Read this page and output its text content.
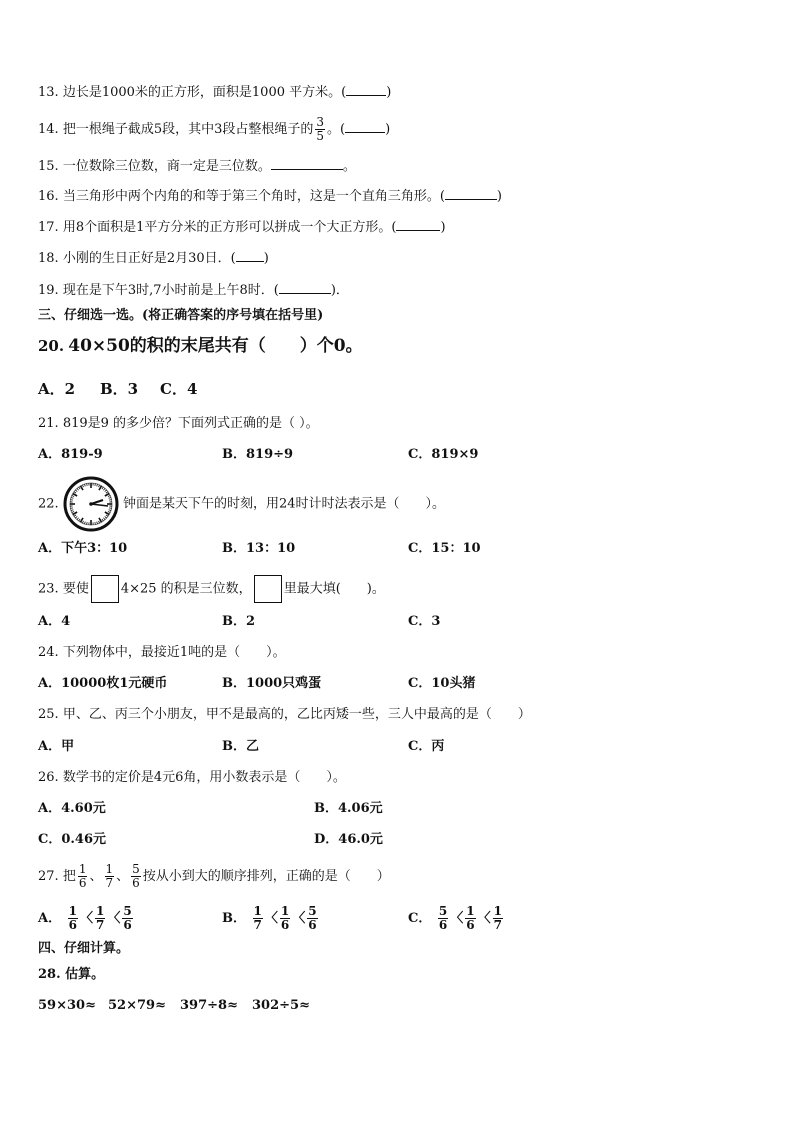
13. 边长是1000米的正方形，面积是1000 平方米。(	)
14. 把一根绳子截成5段，其中3段占整根绳子的 $\frac{3}{5}$ 。(	)
15. 一位数除三位数，商一定是三位数。	。
16. 当三角形中两个内角的和等于第三个角时，这是一个直角三角形。(	)
17. 用8个面积是1平方分米的正方形可以拼成一个大正方形。(	)
18. 小刚的生日正好是2月30日．( )
19. 现在是下午3时,7小时前是上午8时．(	)．
三、仔细选一选。(将正确答案的序号填在括号里)
20. 40×50的积的末尾共有（　　）个0。
A．2 B．3 C．4
21. 819是9 的多少倍？下面列式正确的是（ ）。
A．819-9	B．819÷9	C．819×9
22.	钟面是某天下午的时刻，用24时计时法表示是（　　）。
A．下午3：10	B．13：10	C．15：10
23. 要使 4×25 的积是三位数， 里最大填(　　)。
A．4	B．2	C．3
24. 下列物体中，最接近1吨的是（　　）。
A．10000枚1元硬币	B．1000只鸡蛋	C．10头猪
25. 甲、乙、丙三个小朋友，甲不是最高的，乙比丙矮一些，三人中最高的是（　　）
A．甲	B．乙	C．丙
26. 数学书的定价是4元6角，用小数表示是（　　）。
A．4.60元	B．4.06元
C．0.46元	D．46.0元
27. 把 $\frac{1}{6}$ 、 $\frac{1}{7}$ 、 $\frac{5}{6}$ 按从小到大的顺序排列，正确的是（　　）
A． $\frac{1}{6}$ 〈 $\frac{1}{7}$ 〈 $\frac{5}{6}$	B． $\frac{1}{7}$ 〈 $\frac{1}{6}$ 〈 $\frac{5}{6}$	C． $\frac{5}{6}$ 〈 $\frac{1}{6}$ 〈 $\frac{1}{7}$
四、仔细计算。
28. 估算。
59×30≈ 52×79≈ 397÷8≈ 302÷5≈
